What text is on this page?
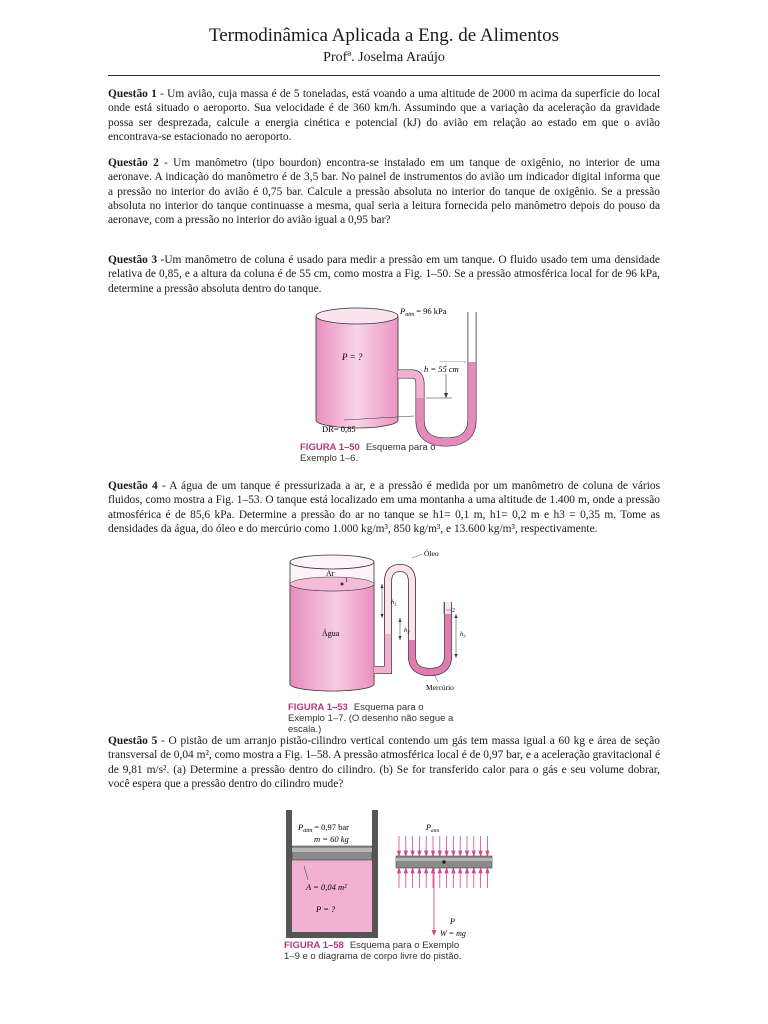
Termodinâmica Aplicada a Eng. de Alimentos
Profª. Joselma Araújo
Questão 1 - Um avião, cuja massa é de 5 toneladas, está voando a uma altitude de 2000 m acima da superfície do local onde está situado o aeroporto. Sua velocidade é de 360 km/h. Assumindo que a variação da aceleração da gravidade possa ser desprezada, calcule a energia cinética e potencial (kJ) do avião em relação ao estado em que o avião encontrava-se estacionado no aeroporto.
Questão 2 - Um manômetro (tipo bourdon) encontra-se instalado em um tanque de oxigênio, no interior de uma aeronave. A indicação do manômetro é de 3,5 bar. No painel de instrumentos do avião um indicador digital informa que a pressão no interior do avião é 0,75 bar. Calcule a pressão absoluta no interior do tanque de oxigênio. Se a pressão absoluta no interior do tanque continuasse a mesma, qual seria a leitura fornecida pelo manômetro depois do pouso da aeronave, com a pressão no interior do avião igual a 0,95 bar?
Questão 3 -Um manômetro de coluna é usado para medir a pressão em um tanque. O fluido usado tem uma densidade relativa de 0,85, e a altura da coluna é de 55 cm, como mostra a Fig. 1–50. Se a pressão atmosférica local for de 96 kPa, determine a pressão absoluta dentro do tanque.
h = 55 cm
$P_{atm} = 96$ kPa
P = ?
DR= 0,85
FIGURA 1–50 Esquema para o
Exemplo 1–6.
Questão 4 - A água de um tanque é pressurizada a ar, e a pressão é medida por um manômetro de coluna de vários fluidos, como mostra a Fig. 1–53. O tanque está localizado em uma montanha a uma altitude de 1.400 m, onde a pressão atmosférica é de 85,6 kPa. Determine a pressão do ar no tanque se h1= 0,1 m, h1= 0,2 m e h3 = 0,35 m. Tome as densidades da água, do óleo e do mercúrio como 1.000 kg/m³, 850 kg/m³, e 13.600 kg/m³, respectivamente.
Ar
Água
1
2
$h_1$
$h_2$	$h_3$
Óleo
Mercúrio
FIGURA 1–53 Esquema para o
Exemplo 1–7. (O desenho não segue a
escala.)
Questão 5 - O pistão de um arranjo pistão-cilindro vertical contendo um gás tem massa igual a 60 kg e área de seção transversal de 0,04 m², como mostra a Fig. 1–58. A pressão atmosférica local é de 0,97 bar, e a aceleração gravitacional é de 9,81 m/s². (a) Determine a pressão dentro do cilindro. (b) Se for transferido calor para o gás e seu volume dobrar, você espera que a pressão dentro do cilindro mude?
$P_{atm} = 0,97$ bar
m = 60 kg
A = 0,04 m²
P = ?
$P_{atm}$
P
W = mg
FIGURA 1–58 Esquema para o Exemplo
1–9 e o diagrama de corpo livre do pistão.
